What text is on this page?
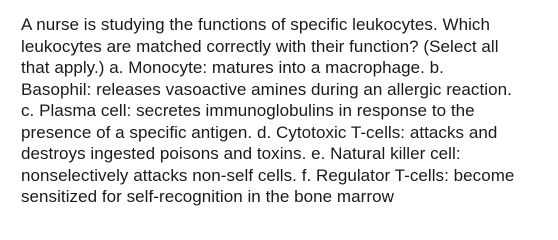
A nurse is studying the functions of specific leukocytes. Which
leukocytes are matched correctly with their function? (Select all
that apply.) a. Monocyte: matures into a macrophage. b.
Basophil: releases vasoactive amines during an allergic reaction.
c. Plasma cell: secretes immunoglobulins in response to the
presence of a specific antigen. d. Cytotoxic T-cells: attacks and
destroys ingested poisons and toxins. e. Natural killer cell:
nonselectively attacks non-self cells. f. Regulator T-cells: become
sensitized for self-recognition in the bone marrow
